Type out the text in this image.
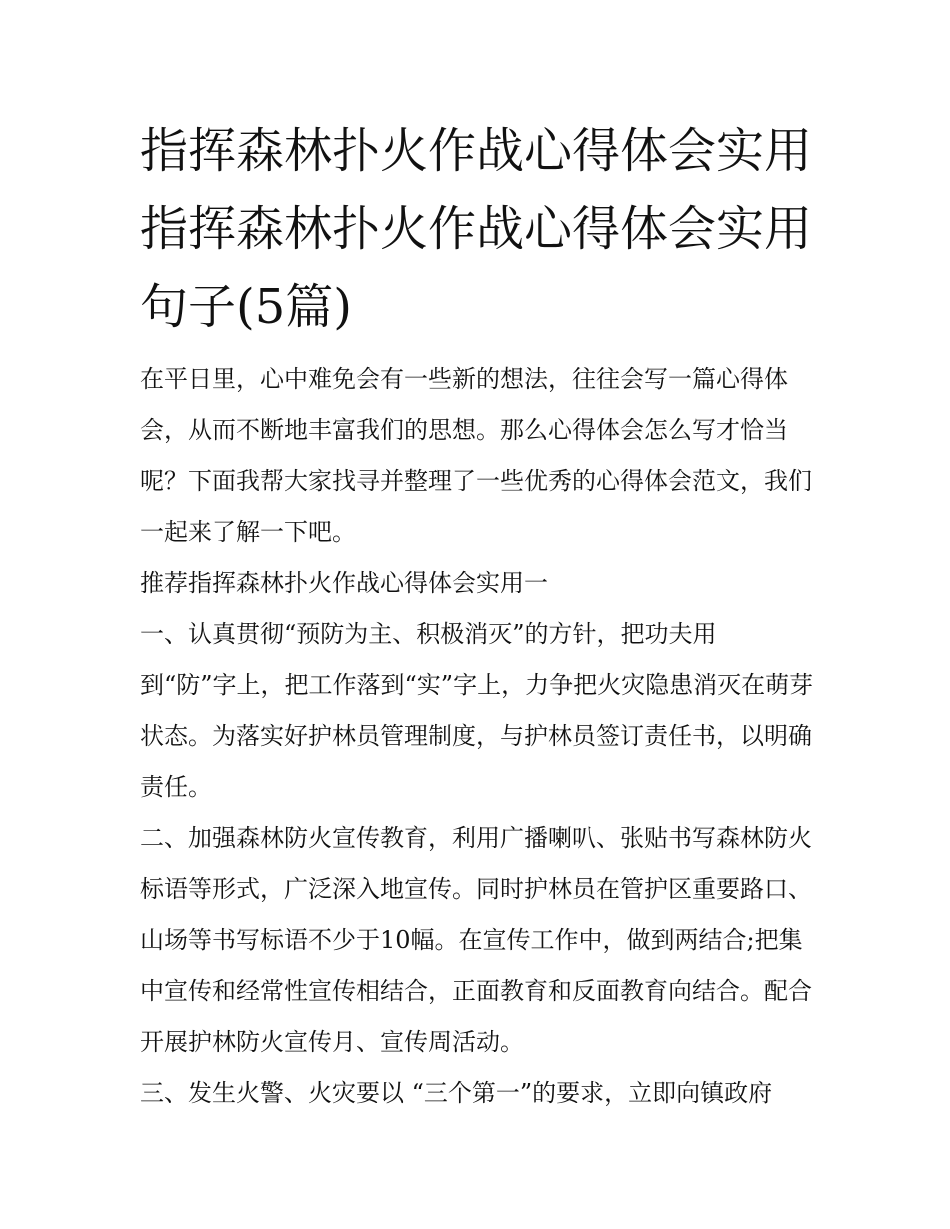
指挥森林扑火作战心得体会实用 指挥森林扑火作战心得体会实用句子(5篇)

在平日里，心中难免会有一些新的想法，往往会写一篇心得体会，从而不断地丰富我们的思想。那么心得体会怎么写才恰当呢？下面我帮大家找寻并整理了一些优秀的心得体会范文，我们一起来了解一下吧。

推荐指挥森林扑火作战心得体会实用一

一、认真贯彻“预防为主、积极消灭”的方针，把功夫用

到“防”字上，把工作落到“实”字上，力争把火灾隐患消灭在萌芽状态。为落实好护林员管理制度，与护林员签订责任书，以明确责任。

二、加强森林防火宣传教育，利用广播喇叭、张贴书写森林防火标语等形式，广泛深入地宣传。同时护林员在管护区重要路口、山场等书写标语不少于10幅。在宣传工作中，做到两结合;把集中宣传和经常性宣传相结合，正面教育和反面教育向结合。配合开展护林防火宣传月、宣传周活动。

三、发生火警、火灾要以 “三个第一”的要求，立即向镇政府
